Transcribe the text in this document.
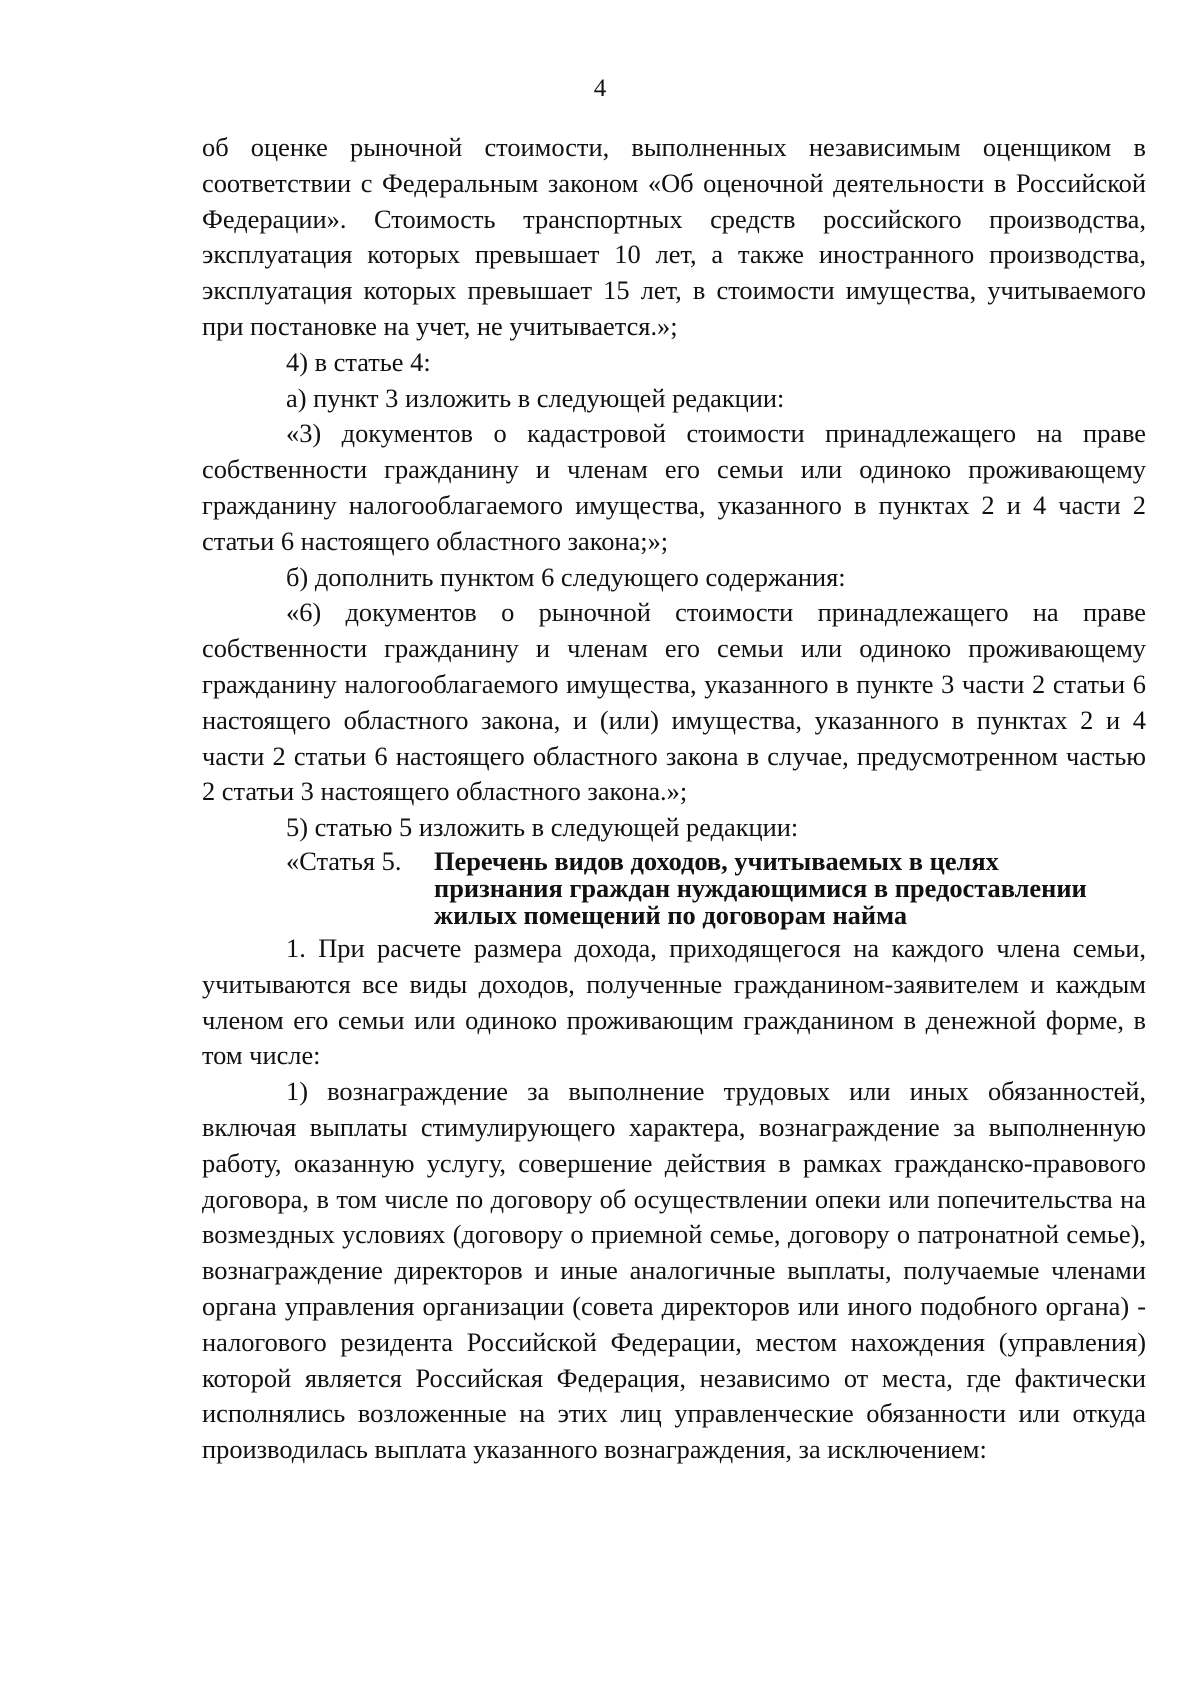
4

об оценке рыночной стоимости, выполненных независимым оценщиком в соответствии с Федеральным законом «Об оценочной деятельности в Российской Федерации». Стоимость транспортных средств российского производства, эксплуатация которых превышает 10 лет, а также иностранного производства, эксплуатация которых превышает 15 лет, в стоимости имущества, учитываемого при постановке на учет, не учитывается.»;

4) в статье 4:

а) пункт 3 изложить в следующей редакции:

«3) документов о кадастровой стоимости принадлежащего на праве собственности гражданину и членам его семьи или одиноко проживающему гражданину налогооблагаемого имущества, указанного в пунктах 2 и 4 части 2 статьи 6 настоящего областного закона;»;

б) дополнить пунктом 6 следующего содержания:

«6) документов о рыночной стоимости принадлежащего на праве собственности гражданину и членам его семьи или одиноко проживающему гражданину налогооблагаемого имущества, указанного в пункте 3 части 2 статьи 6 настоящего областного закона, и (или) имущества, указанного в пунктах 2 и 4 части 2 статьи 6 настоящего областного закона в случае, предусмотренном частью 2 статьи 3 настоящего областного закона.»;

5) статью 5 изложить в следующей редакции:

«Статья 5.	Перечень видов доходов, учитываемых в целях
признания граждан нуждающимися в предоставлении
жилых помещений по договорам найма

1. При расчете размера дохода, приходящегося на каждого члена семьи, учитываются все виды доходов, полученные гражданином-заявителем и каждым членом его семьи или одиноко проживающим гражданином в денежной форме, в том числе:

1) вознаграждение за выполнение трудовых или иных обязанностей, включая выплаты стимулирующего характера, вознаграждение за выполненную работу, оказанную услугу, совершение действия в рамках гражданско-правового договора, в том числе по договору об осуществлении опеки или попечительства на возмездных условиях (договору о приемной семье, договору о патронатной семье), вознаграждение директоров и иные аналогичные выплаты, получаемые членами органа управления организации (совета директоров или иного подобного органа) - налогового резидента Российской Федерации, местом нахождения (управления) которой является Российская Федерация, независимо от места, где фактически исполнялись возложенные на этих лиц управленческие обязанности или откуда производилась выплата указанного вознаграждения, за исключением:
